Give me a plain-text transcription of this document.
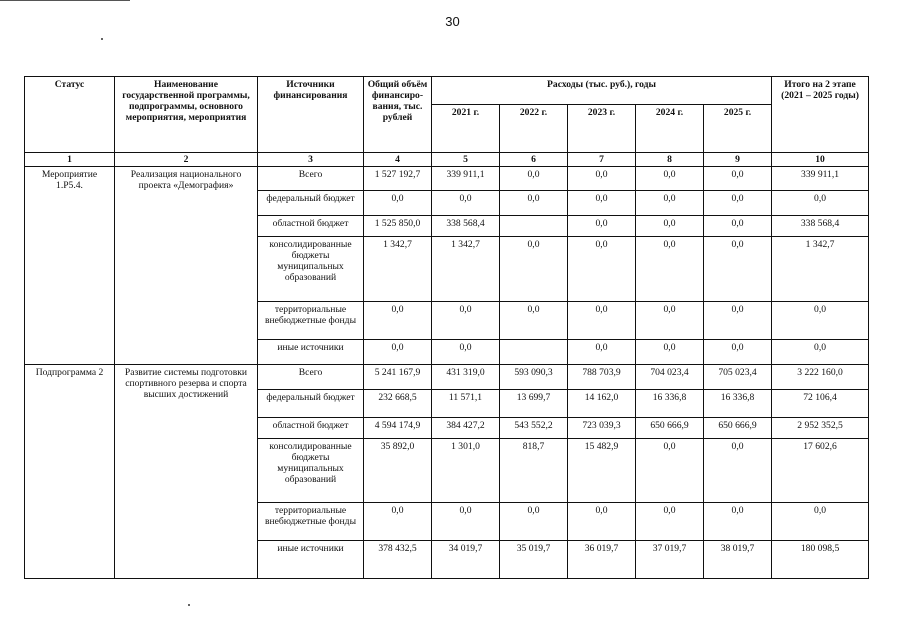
30
Статус	Наименование государственной программы, подпрограммы, основного мероприятия, мероприятия	Источники финансирования	Общий объём финансиро-вания, тыс. рублей	Расходы (тыс. руб.), годы					Итого на 2 этапе (2021 – 2025 годы)
				2021 г.	2022 г.	2023 г.	2024 г.	2025 г.	
1	2	3	4	5	6	7	8	9	10
Мероприятие 1.Р5.4.	Реализация национального проекта «Демография»	Всего	1 527 192,7	339 911,1	0,0	0,0	0,0	0,0	339 911,1
		федеральный бюджет	0,0	0,0	0,0	0,0	0,0	0,0	0,0
		областной бюджет	1 525 850,0	338 568,4		0,0	0,0	0,0	338 568,4
		консолидированные бюджеты муниципальных образований	1 342,7	1 342,7	0,0	0,0	0,0	0,0	1 342,7
		территориальные внебюджетные фонды	0,0	0,0	0,0	0,0	0,0	0,0	0,0
		иные источники	0,0	0,0		0,0	0,0	0,0	0,0
Подпрограмма 2	Развитие системы подготовки спортивного резерва и спорта высших достижений	Всего	5 241 167,9	431 319,0	593 090,3	788 703,9	704 023,4	705 023,4	3 222 160,0
		федеральный бюджет	232 668,5	11 571,1	13 699,7	14 162,0	16 336,8	16 336,8	72 106,4
		областной бюджет	4 594 174,9	384 427,2	543 552,2	723 039,3	650 666,9	650 666,9	2 952 352,5
		консолидированные бюджеты муниципальных образований	35 892,0	1 301,0	818,7	15 482,9	0,0	0,0	17 602,6
		территориальные внебюджетные фонды	0,0	0,0	0,0	0,0	0,0	0,0	0,0
		иные источники	378 432,5	34 019,7	35 019,7	36 019,7	37 019,7	38 019,7	180 098,5
